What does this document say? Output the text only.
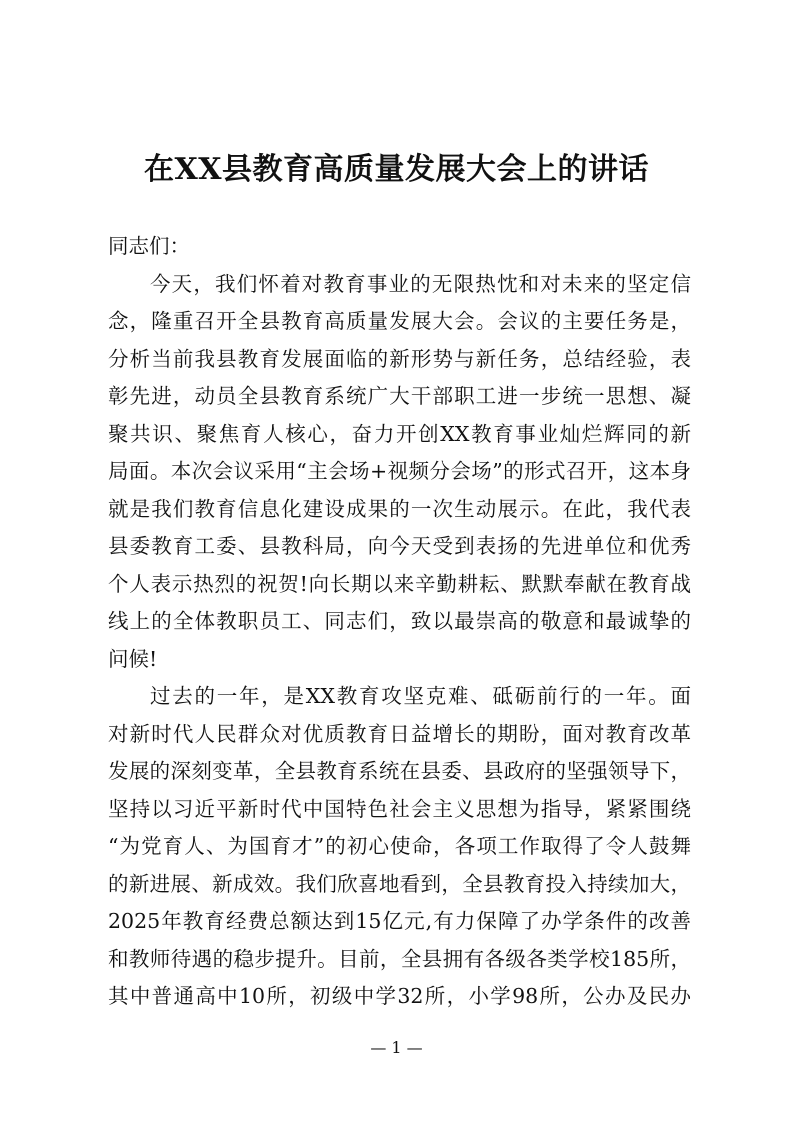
在XX县教育高质量发展大会上的讲话
同志们：
今天，我们怀着对教育事业的无限热忱和对未来的坚定信
念，隆重召开全县教育高质量发展大会。会议的主要任务是，
分析当前我县教育发展面临的新形势与新任务，总结经验，表
彰先进，动员全县教育系统广大干部职工进一步统一思想、凝
聚共识、聚焦育人核心，奋力开创XX教育事业灿烂辉同的新
局面。本次会议采用“主会场+视频分会场”的形式召开，这本身
就是我们教育信息化建设成果的一次生动展示。在此，我代表
县委教育工委、县教科局，向今天受到表扬的先进单位和优秀
个人表示热烈的祝贺!向长期以来辛勤耕耘、默默奉献在教育战
线上的全体教职员工、同志们，致以最崇高的敬意和最诚挚的
问候!
过去的一年，是XX教育攻坚克难、砥砺前行的一年。面
对新时代人民群众对优质教育日益增长的期盼，面对教育改革
发展的深刻变革，全县教育系统在县委、县政府的坚强领导下，
坚持以习近平新时代中国特色社会主义思想为指导，紧紧围绕
“为党育人、为国育才”的初心使命，各项工作取得了令人鼓舞
的新进展、新成效。我们欣喜地看到，全县教育投入持续加大，
2025年教育经费总额达到15亿元,有力保障了办学条件的改善
和教师待遇的稳步提升。目前，全县拥有各级各类学校185所，
其中普通高中10所，初级中学32所，小学98所，公办及民办
— 1 —
